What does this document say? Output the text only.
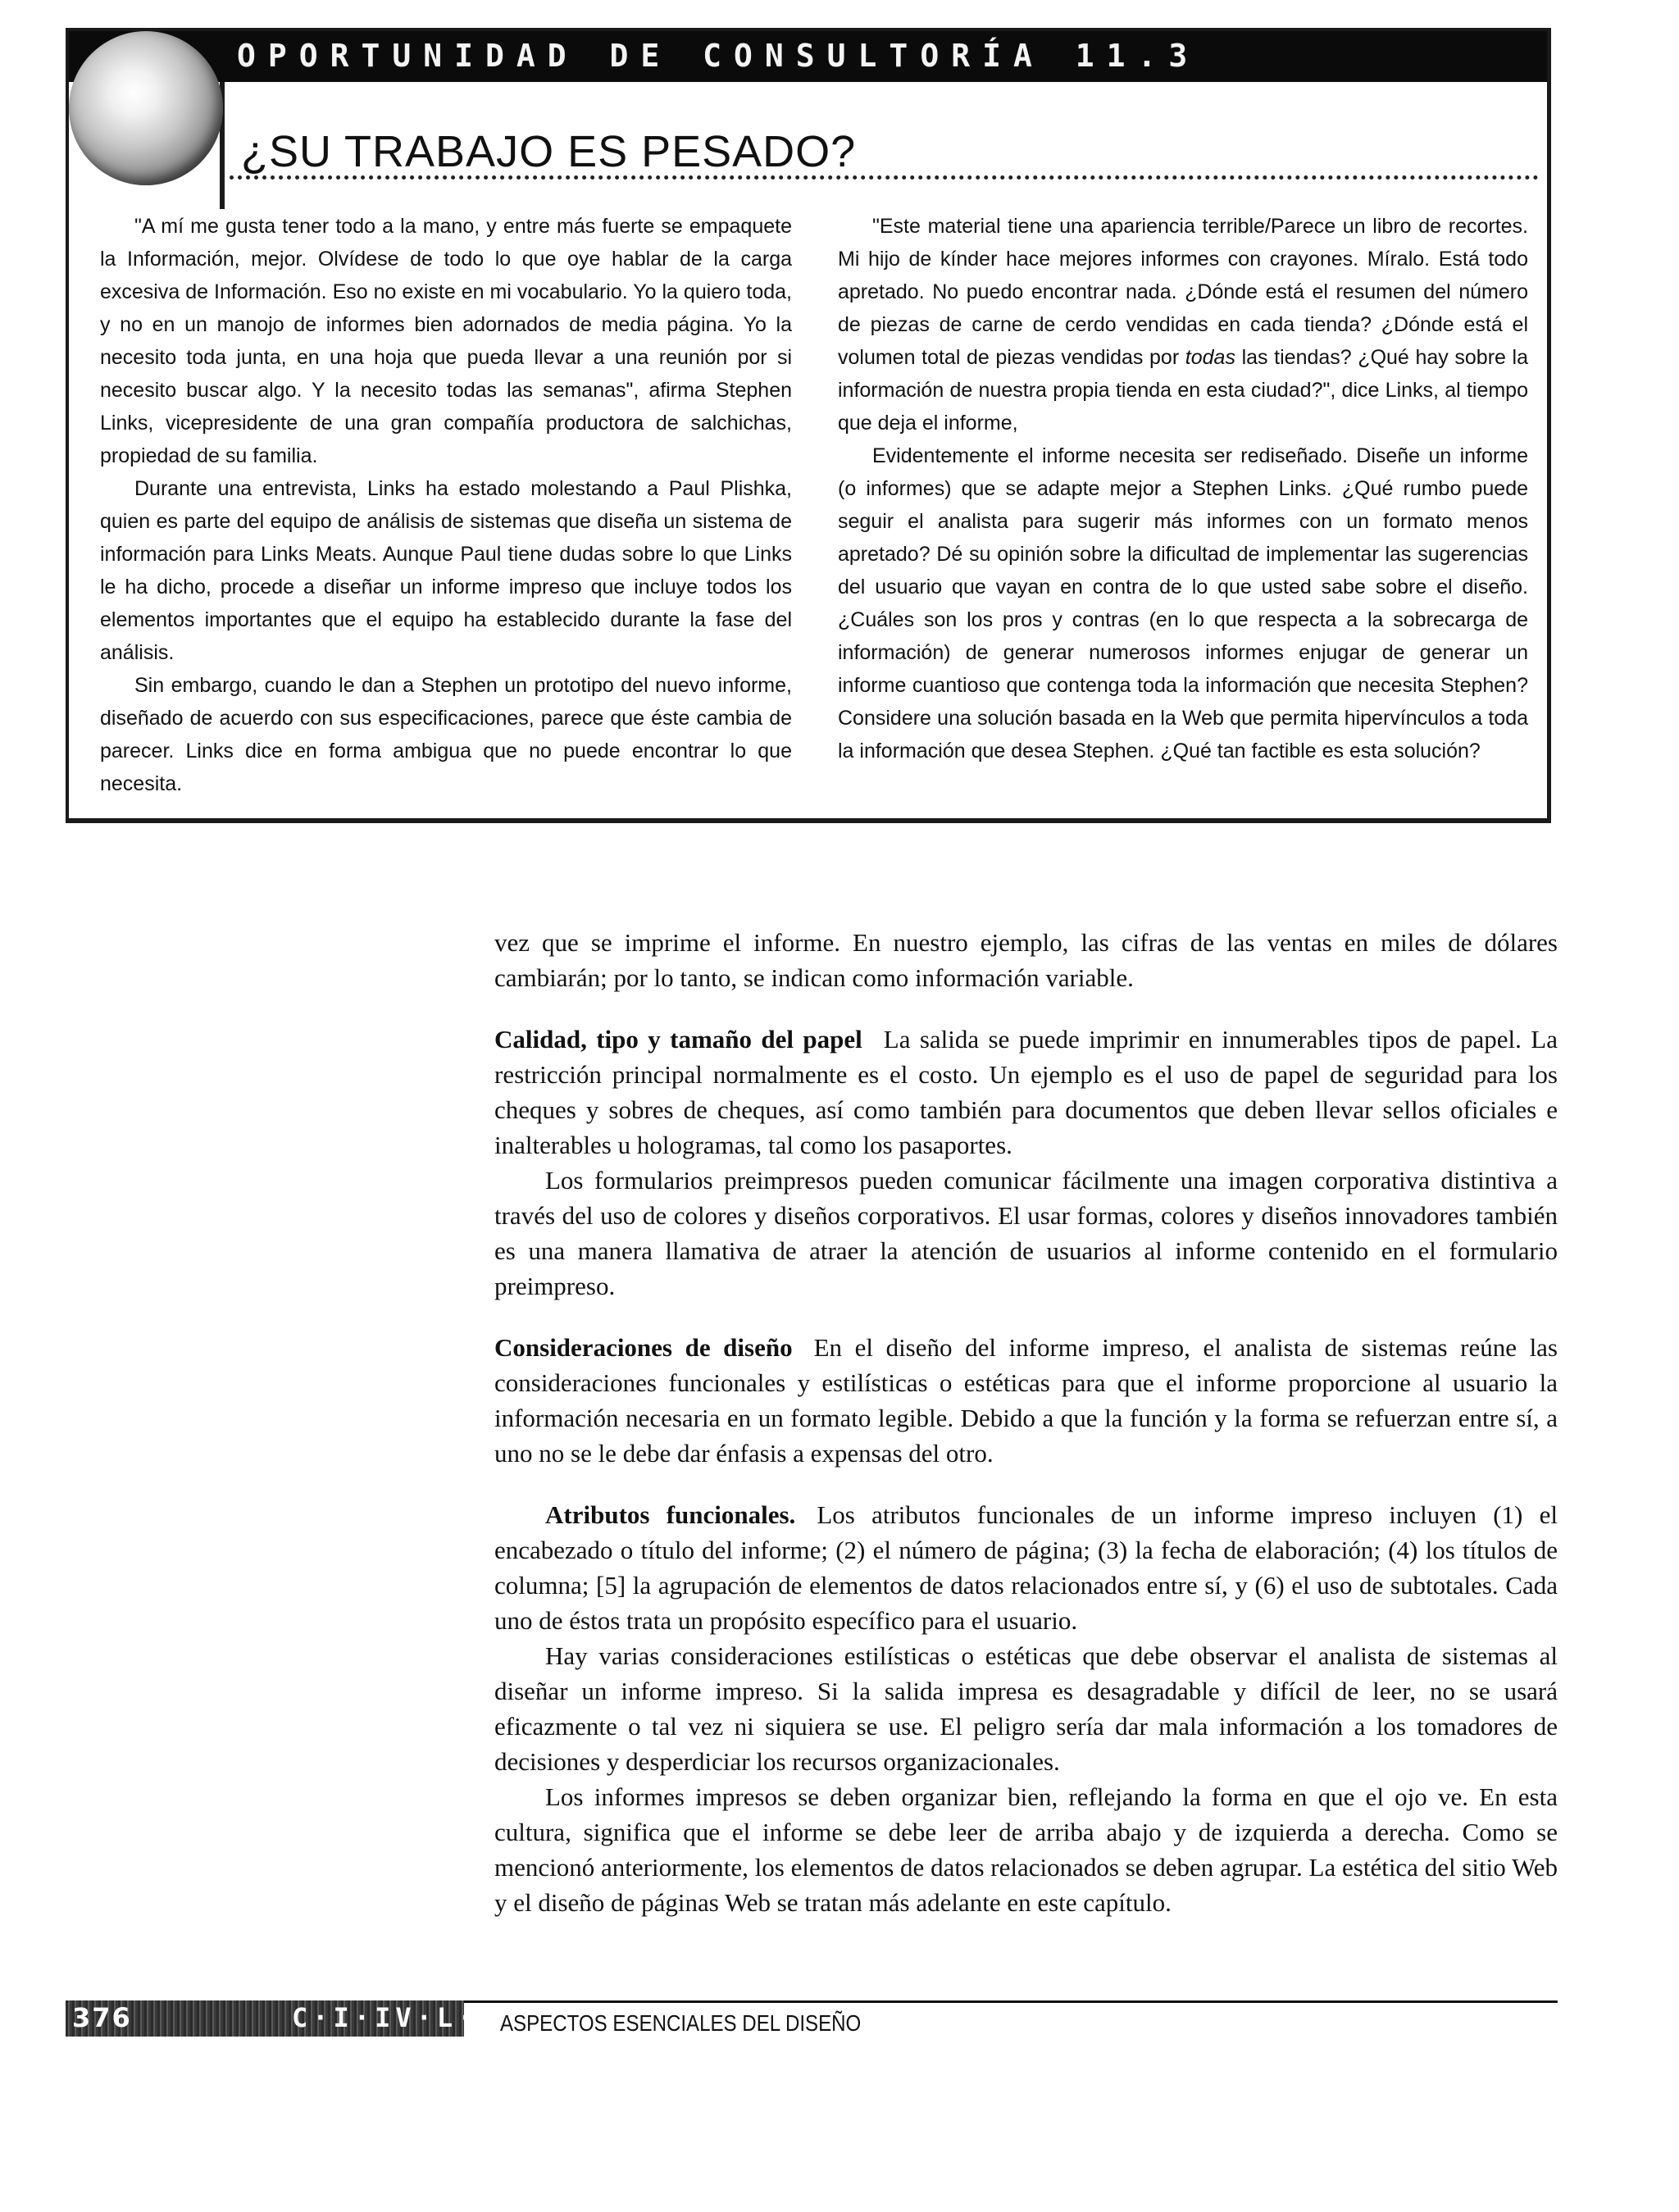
OPORTUNIDAD DE CONSULTORÍA 11.3
¿SU TRABAJO ES PESADO?

"A mí me gusta tener todo a la mano, y entre más fuerte se empaquete la Información, mejor. Olvídese de todo lo que oye hablar de la carga excesiva de Información. Eso no existe en mi vocabulario. Yo la quiero toda, y no en un manojo de informes bien adornados de media página. Yo la necesito toda junta, en una hoja que pueda llevar a una reunión por si necesito buscar algo. Y la necesito todas las semanas", afirma Stephen Links, vicepresidente de una gran compañía productora de salchichas, propiedad de su familia.

Durante una entrevista, Links ha estado molestando a Paul Plishka, quien es parte del equipo de análisis de sistemas que diseña un sistema de información para Links Meats. Aunque Paul tiene dudas sobre lo que Links le ha dicho, procede a diseñar un informe impreso que incluye todos los elementos importantes que el equipo ha establecido durante la fase del análisis.

Sin embargo, cuando le dan a Stephen un prototipo del nuevo informe, diseñado de acuerdo con sus especificaciones, parece que éste cambia de parecer. Links dice en forma ambigua que no puede encontrar lo que necesita.

"Este material tiene una apariencia terrible/Parece un libro de recortes. Mi hijo de kínder hace mejores informes con crayones. Míralo. Está todo apretado. No puedo encontrar nada. ¿Dónde está el resumen del número de piezas de carne de cerdo vendidas en cada tienda? ¿Dónde está el volumen total de piezas vendidas por todas las tiendas? ¿Qué hay sobre la información de nuestra propia tienda en esta ciudad?", dice Links, al tiempo que deja el informe,

Evidentemente el informe necesita ser rediseñado. Diseñe un informe (o informes) que se adapte mejor a Stephen Links. ¿Qué rumbo puede seguir el analista para sugerir más informes con un formato menos apretado? Dé su opinión sobre la dificultad de implementar las sugerencias del usuario que vayan en contra de lo que usted sabe sobre el diseño. ¿Cuáles son los pros y contras (en lo que respecta a la sobrecarga de información) de generar numerosos informes enjugar de generar un informe cuantioso que contenga toda la información que necesita Stephen? Considere una solución basada en la Web que permita hipervínculos a toda la información que desea Stephen. ¿Qué tan factible es esta solución?

vez que se imprime el informe. En nuestro ejemplo, las cifras de las ventas en miles de dólares cambiarán; por lo tanto, se indican como información variable.

Calidad, tipo y tamaño del papel La salida se puede imprimir en innumerables tipos de papel. La restricción principal normalmente es el costo. Un ejemplo es el uso de papel de seguridad para los cheques y sobres de cheques, así como también para documentos que deben llevar sellos oficiales e inalterables u hologramas, tal como los pasaportes.

Los formularios preimpresos pueden comunicar fácilmente una imagen corporativa distintiva a través del uso de colores y diseños corporativos. El usar formas, colores y diseños innovadores también es una manera llamativa de atraer la atención de usuarios al informe contenido en el formulario preimpreso.

Consideraciones de diseño En el diseño del informe impreso, el analista de sistemas reúne las consideraciones funcionales y estilísticas o estéticas para que el informe proporcione al usuario la información necesaria en un formato legible. Debido a que la función y la forma se refuerzan entre sí, a uno no se le debe dar énfasis a expensas del otro.

Atributos funcionales. Los atributos funcionales de un informe impreso incluyen (1) el encabezado o título del informe; (2) el número de página; (3) la fecha de elaboración; (4) los títulos de columna; [5] la agrupación de elementos de datos relacionados entre sí, y (6) el uso de subtotales. Cada uno de éstos trata un propósito específico para el usuario.

Hay varias consideraciones estilísticas o estéticas que debe observar el analista de sistemas al diseñar un informe impreso. Si la salida impresa es desagradable y difícil de leer, no se usará eficazmente o tal vez ni siquiera se use. El peligro sería dar mala información a los tomadores de decisiones y desperdiciar los recursos organizacionales.

Los informes impresos se deben organizar bien, reflejando la forma en que el ojo ve. En esta cultura, significa que el informe se debe leer de arriba abajo y de izquierda a derecha. Como se mencionó anteriormente, los elementos de datos relacionados se deben agrupar. La estética del sitio Web y el diseño de páginas Web se tratan más adelante en este capítulo.

376	C·I·IV·L·I·V

ASPECTOS ESENCIALES DEL DISEÑO
